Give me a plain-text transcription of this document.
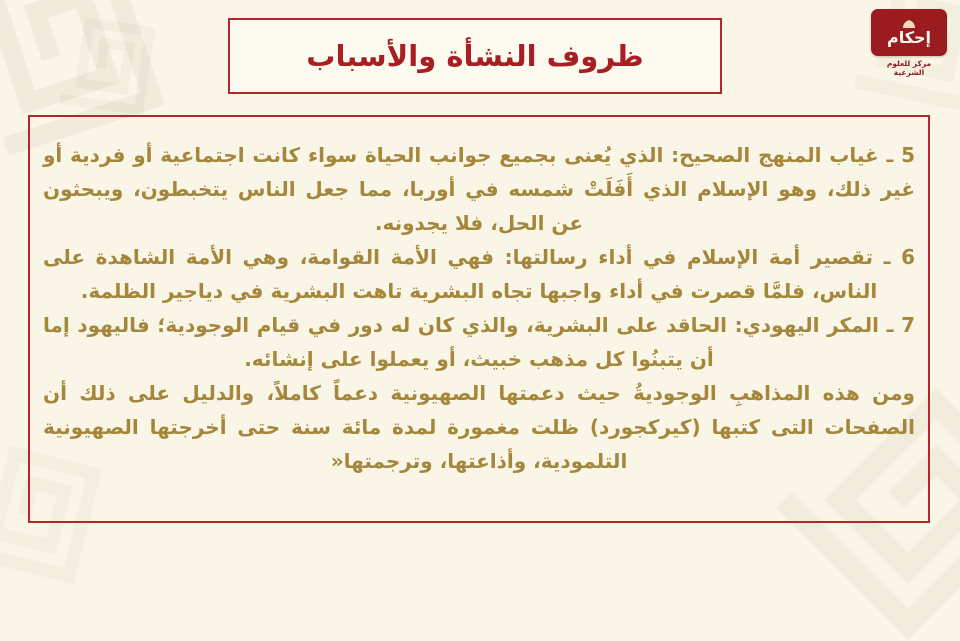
ظروف النشأة والأسباب
إحكام
مركز للعلوم الشرعية

5 ـ غياب المنهج الصحيح: الذي يُعنى بجميع جوانب الحياة سواء كانت اجتماعية أو فردية أو غير ذلك، وهو الإسلام الذي أَفَلَتْ شمسه في أوربا، مما جعل الناس يتخبطون، ويبحثون عن الحل، فلا يجدونه.

6 ـ تقصير أمة الإسلام في أداء رسالتها: فهي الأمة القوامة، وهي الأمة الشاهدة على الناس، فلمَّا قصرت في أداء واجبها تجاه البشرية تاهت البشرية في دياجير الظلمة.

7 ـ المكر اليهودي: الحاقد على البشرية، والذي كان له دور في قيام الوجودية؛ فاليهود إما أن يتبنُوا كل مذهب خبيث، أو يعملوا على إنشائه.

ومن هذه المذاهبِ الوجوديةُ حيث دعمتها الصهيونية دعماً كاملاً، والدليل على ذلك أن الصفحات التى كتبها (كيركجورد) ظلت مغمورة لمدة مائة سنة حتى أخرجتها الصهيونية التلمودية، وأذاعتها، وترجمتها«
